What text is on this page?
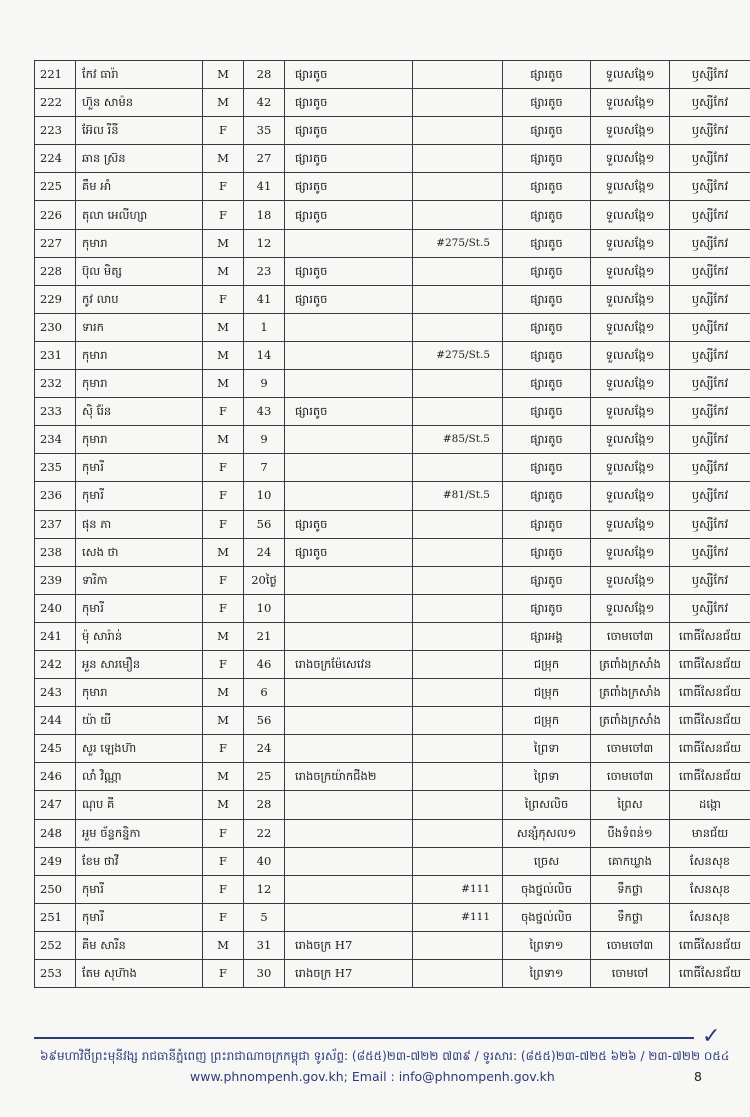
221	កែវ ធារ៉ា	M	28	ផ្សារតូច		ផ្សារតូច	ទួលសង្កែ១	ឫស្សីកែវ
222	ហ៊ួន សាម៉ន	M	42	ផ្សារតូច		ផ្សារតូច	ទួលសង្កែ១	ឫស្សីកែវ
223	អ៊ែល រីនី	F	35	ផ្សារតូច		ផ្សារតូច	ទួលសង្កែ១	ឫស្សីកែវ
224	ឆាន ស្រ៊ន	M	27	ផ្សារតូច		ផ្សារតូច	ទួលសង្កែ១	ឫស្សីកែវ
225	គឹម អាំ	F	41	ផ្សារតូច		ផ្សារតូច	ទួលសង្កែ១	ឫស្សីកែវ
226	តុលា អេលីហ្សា	F	18	ផ្សារតូច		ផ្សារតូច	ទួលសង្កែ១	ឫស្សីកែវ
227	កុមារា	M	12		#275/St.5	ផ្សារតូច	ទួលសង្កែ១	ឫស្សីកែវ
228	ប៊ុល មិត្ស	M	23	ផ្សារតូច		ផ្សារតូច	ទួលសង្កែ១	ឫស្សីកែវ
229	កូវ លាប	F	41	ផ្សារតូច		ផ្សារតូច	ទួលសង្កែ១	ឫស្សីកែវ
230	ទារក	M	1			ផ្សារតូច	ទួលសង្កែ១	ឫស្សីកែវ
231	កុមារា	M	14		#275/St.5	ផ្សារតូច	ទួលសង្កែ១	ឫស្សីកែវ
232	កុមារា	M	9			ផ្សារតូច	ទួលសង្កែ១	ឫស្សីកែវ
233	ស៊ិ រ៉ែន	F	43	ផ្សារតូច		ផ្សារតូច	ទួលសង្កែ១	ឫស្សីកែវ
234	កុមារា	M	9		#85/St.5	ផ្សារតូច	ទួលសង្កែ១	ឫស្សីកែវ
235	កុមារី	F	7			ផ្សារតូច	ទួលសង្កែ១	ឫស្សីកែវ
236	កុមារី	F	10		#81/St.5	ផ្សារតូច	ទួលសង្កែ១	ឫស្សីកែវ
237	ផុន ភា	F	56	ផ្សារតូច		ផ្សារតូច	ទួលសង្កែ១	ឫស្សីកែវ
238	សេង ថា	M	24	ផ្សារតូច		ផ្សារតូច	ទួលសង្កែ១	ឫស្សីកែវ
239	ទារិកា	F	20ថ្ងៃ			ផ្សារតូច	ទួលសង្កែ១	ឫស្សីកែវ
240	កុមារី	F	10			ផ្សារតូច	ទួលសង្កែ១	ឫស្សីកែវ
241	ម៉ុ សារ៉ាន់	M	21			ផ្សារអង្គ	ចោមចៅ៣	ពោធិ៍សែនជ័យ
242	អួន សារមឿន	F	46	រោងចក្រម៉ែសេវេន		ជម្រុក	ត្រពាំងក្រសាំង	ពោធិ៍សែនជ័យ
243	កុមារា	M	6			ជម្រុក	ត្រពាំងក្រសាំង	ពោធិ៍សែនជ័យ
244	យ៉ា យី	M	56			ជម្រុក	ត្រពាំងក្រសាំង	ពោធិ៍សែនជ័យ
245	សួរ ឡេងហ៊ា	F	24			ព្រៃទា	ចោមចៅ៣	ពោធិ៍សែនជ័យ
246	លាំ វិណ្ណា	M	25	រោងចក្រយ៉ាកជីង២		ព្រៃទា	ចោមចៅ៣	ពោធិ៍សែនជ័យ
247	ណុប គី	M	28			ព្រៃសលិច	ព្រៃស	ដង្កោ
248	អួម ច័ន្ទកន្និកា	F	22			សន្សំកុសល១	បឹងទំពន់១	មានជ័យ
249	ខែម ថាវី	F	40			ច្រេស	គោកឃ្លាង	សែនសុខ
250	កុមារី	F	12		#111	ចុងថ្នល់លិច	ទឹកថ្លា	សែនសុខ
251	កុមារី	F	5		#111	ចុងថ្នល់លិច	ទឹកថ្លា	សែនសុខ
252	គីម សារីន	M	31	រោងចក្រ H7		ព្រៃទា១	ចោមចៅ៣	ពោធិ៍សែនជ័យ
253	តែម សុហ៊ាង	F	30	រោងចក្រ H7		ព្រៃទា១	ចោមចៅ	ពោធិ៍សែនជ័យ
✓
៦៩មហាវិថីព្រះមុនីវង្ស រាជធានីភ្នំពេញ ព្រះរាជាណាចក្រកម្ពុជា ទូរស័ព្ទ: (៨៥៥)២៣-៧២២ ៧៣៩ / ទូរសារ: (៨៥៥)២៣-៧២៥ ៦២៦ / ២៣-៧២២ ០៥៤
www.phnompenh.gov.kh; Email : info@phnompenh.gov.kh	8
